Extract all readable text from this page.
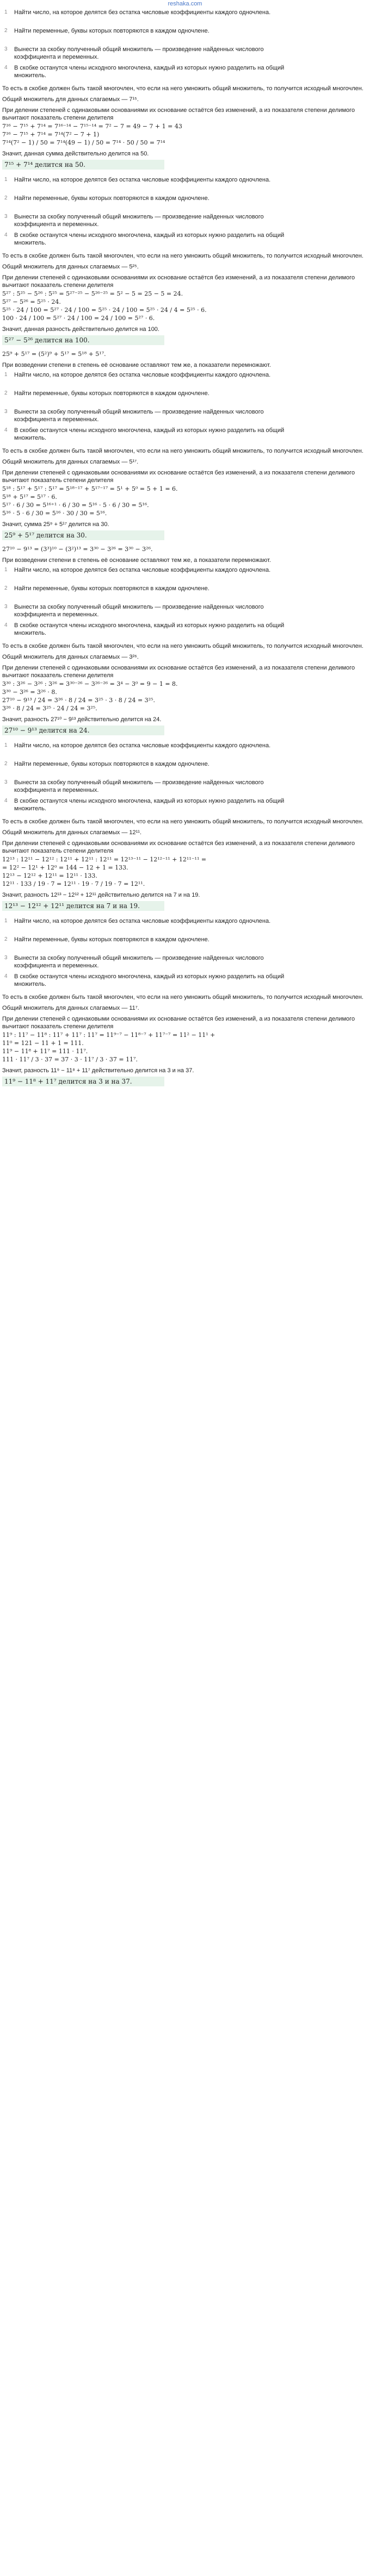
reshaka.com
1	Найти число, на которое делятся без остатка числовые коэффициенты каждого одночлена.
2	Найти переменные, буквы которых повторяются в каждом одночлене.
3	Вынести за скобку полученный общий множитель — произведение найденных числового коэффициента и переменных.
4	В скобке останутся члены исходного многочлена, каждый из которых нужно разделить на общий множитель.
То есть в скобке должен быть такой многочлен, что если на него умножить общий множитель, то получится исходный многочлен.
Общий множитель для данных слагаемых — 7¹⁵.
При делении степеней с одинаковыми основаниями их основание остаётся без изменений, а из показателя степени делимого вычитают показатель степени делителя
7¹⁶ − 7¹⁵ + 7¹⁴ = 7¹⁶⁻¹⁴ − 7¹⁵⁻¹⁴ = 7² − 7 = 49 − 7 + 1 = 43
7¹⁶ − 7¹⁵ + 7¹⁴ = 7¹⁴(7² − 7 + 1)
7¹⁴(7² − 1) / 50 = 7¹⁴(49 − 1) / 50 = 7¹⁴ · 50 / 50 = 7¹⁴
Значит, данная сумма действительно делится на 50.
7¹⁵ + 7¹⁴ делится на 50.
1	Найти число, на которое делятся без остатка числовые коэффициенты каждого одночлена.
2	Найти переменные, буквы которых повторяются в каждом одночлене.
3	Вынести за скобку полученный общий множитель — произведение найденных числового коэффициента и переменных.
4	В скобке останутся члены исходного многочлена, каждый из которых нужно разделить на общий множитель.
То есть в скобке должен быть такой многочлен, что если на него умножить общий множитель, то получится исходный многочлен.
Общий множитель для данных слагаемых — 5²⁵.
При делении степеней с одинаковыми основаниями их основание остаётся без изменений, а из показателя степени делимого вычитают показатель степени делителя
5²⁷ : 5²⁵ − 5²⁶ : 5²⁵ = 5²⁷⁻²⁵ − 5²⁶⁻²⁵ = 5² − 5 = 25 − 5 = 24.
5²⁷ − 5²⁶ = 5²⁵ · 24.
5²⁵ · 24 / 100 = 5²⁷ · 24 / 100 = 5²⁵ · 24 / 100 = 5²⁵ · 24 / 4 = 5²⁵ · 6.
100 · 24 / 100 = 5²⁷ · 24 / 100 = 24 / 100 = 5²⁷ · 6.
Значит, данная разность действительно делится на 100.
5²⁷ − 5²⁶ делится на 100.
25⁹ + 5¹⁷ = (5²)⁹ + 5¹⁷ = 5¹⁸ + 5¹⁷.
При возведении степени в степень её основание оставляют тем же, а показатели перемножают.
1	Найти число, на которое делятся без остатка числовые коэффициенты каждого одночлена.
2	Найти переменные, буквы которых повторяются в каждом одночлене.
3	Вынести за скобку полученный общий множитель — произведение найденных числового коэффициента и переменных.
4	В скобке останутся члены исходного многочлена, каждый из которых нужно разделить на общий множитель.
То есть в скобке должен быть такой многочлен, что если на него умножить общий множитель, то получится исходный многочлен.
Общий множитель для данных слагаемых — 5¹⁷.
При делении степеней с одинаковыми основаниями их основание остаётся без изменений, а из показателя степени делимого вычитают показатель степени делителя
5¹⁸ : 5¹⁷ + 5¹⁷ : 5¹⁷ = 5¹⁸⁻¹⁷ + 5¹⁷⁻¹⁷ = 5¹ + 5⁰ = 5 + 1 = 6.
5¹⁸ + 5¹⁷ = 5¹⁷ · 6.
5¹⁷ · 6 / 30 = 5¹⁶⁺¹ · 6 / 30 = 5¹⁶ · 5 · 6 / 30 = 5¹⁶.
5¹⁶ · 5 · 6 / 30 = 5¹⁶ · 30 / 30 = 5¹⁶.
Значит, сумма 25⁹ + 5¹⁷ делится на 30.
25⁹ + 5¹⁷ делится на 30.
27¹⁰ − 9¹³ = (3³)¹⁰ − (3²)¹³ = 3³⁰ − 3²⁶ = 3³⁰ − 3²⁶.
При возведении степени в степень её основание оставляют тем же, а показатели перемножают.
1	Найти число, на которое делятся без остатка числовые коэффициенты каждого одночлена.
2	Найти переменные, буквы которых повторяются в каждом одночлене.
3	Вынести за скобку полученный общий множитель — произведение найденных числового коэффициента и переменных.
4	В скобке останутся члены исходного многочлена, каждый из которых нужно разделить на общий множитель.
То есть в скобке должен быть такой многочлен, что если на него умножить общий множитель, то получится исходный многочлен.
Общий множитель для данных слагаемых — 3²⁶.
При делении степеней с одинаковыми основаниями их основание остаётся без изменений, а из показателя степени делимого вычитают показатель степени делителя
3³⁰ : 3²⁶ − 3²⁶ : 3²⁶ = 3³⁰⁻²⁶ − 3²⁶⁻²⁶ = 3⁴ − 3⁰ = 9 − 1 = 8.
3³⁰ − 3²⁶ = 3²⁶ · 8.
27¹⁰ − 9¹³ / 24 = 3²⁶ · 8 / 24 = 3²⁵ · 3 · 8 / 24 = 3²⁵.
3²⁶ · 8 / 24 = 3²⁵ · 24 / 24 = 3²⁵.
Значит, разность 27¹⁰ − 9¹³ действительно делится на 24.
27¹⁰ − 9¹³ делится на 24.
1	Найти число, на которое делятся без остатка числовые коэффициенты каждого одночлена.
2	Найти переменные, буквы которых повторяются в каждом одночлене.
3	Вынести за скобку полученный общий множитель — произведение найденных числового коэффициента и переменных.
4	В скобке останутся члены исходного многочлена, каждый из которых нужно разделить на общий множитель.
То есть в скобке должен быть такой многочлен, что если на него умножить общий множитель, то получится исходный многочлен.
Общий множитель для данных слагаемых — 12¹¹.
При делении степеней с одинаковыми основаниями их основание остаётся без изменений, а из показателя степени делимого вычитают показатель степени делителя
12¹³ : 12¹¹ − 12¹² : 12¹¹ + 12¹¹ : 12¹¹ = 12¹³⁻¹¹ − 12¹²⁻¹¹ + 12¹¹⁻¹¹ =
= 12² − 12¹ + 12⁰ = 144 − 12 + 1 = 133.
12¹³ − 12¹² + 12¹¹ = 12¹¹ · 133.
12¹¹ · 133 / 19 · 7 = 12¹¹ · 19 · 7 / 19 · 7 = 12¹¹.
Значит, разность 12¹³ − 12¹² + 12¹¹ действительно делится на 7 и на 19.
12¹³ − 12¹² + 12¹¹ делится на 7 и на 19.
1	Найти число, на которое делятся без остатка числовые коэффициенты каждого одночлена.
2	Найти переменные, буквы которых повторяются в каждом одночлене.
3	Вынести за скобку полученный общий множитель — произведение найденных числового коэффициента и переменных.
4	В скобке останутся члены исходного многочлена, каждый из которых нужно разделить на общий множитель.
То есть в скобке должен быть такой многочлен, что если на него умножить общий множитель, то получится исходный многочлен.
Общий множитель для данных слагаемых — 11⁷.
При делении степеней с одинаковыми основаниями их основание остаётся без изменений, а из показателя степени делимого вычитают показатель степени делителя
11⁹ : 11⁷ − 11⁸ : 11⁷ + 11⁷ : 11⁷ = 11⁹⁻⁷ − 11⁸⁻⁷ + 11⁷⁻⁷ = 11² − 11¹ +
11⁰ = 121 − 11 + 1 = 111.
11⁹ − 11⁸ + 11⁷ = 111 · 11⁷.
111 · 11⁷ / 3 · 37 = 37 · 3 · 11⁷ / 3 · 37 = 11⁷.
Значит, разность 11⁹ − 11⁸ + 11⁷ действительно делится на 3 и на 37.
11⁹ − 11⁸ + 11⁷ делится на 3 и на 37.
